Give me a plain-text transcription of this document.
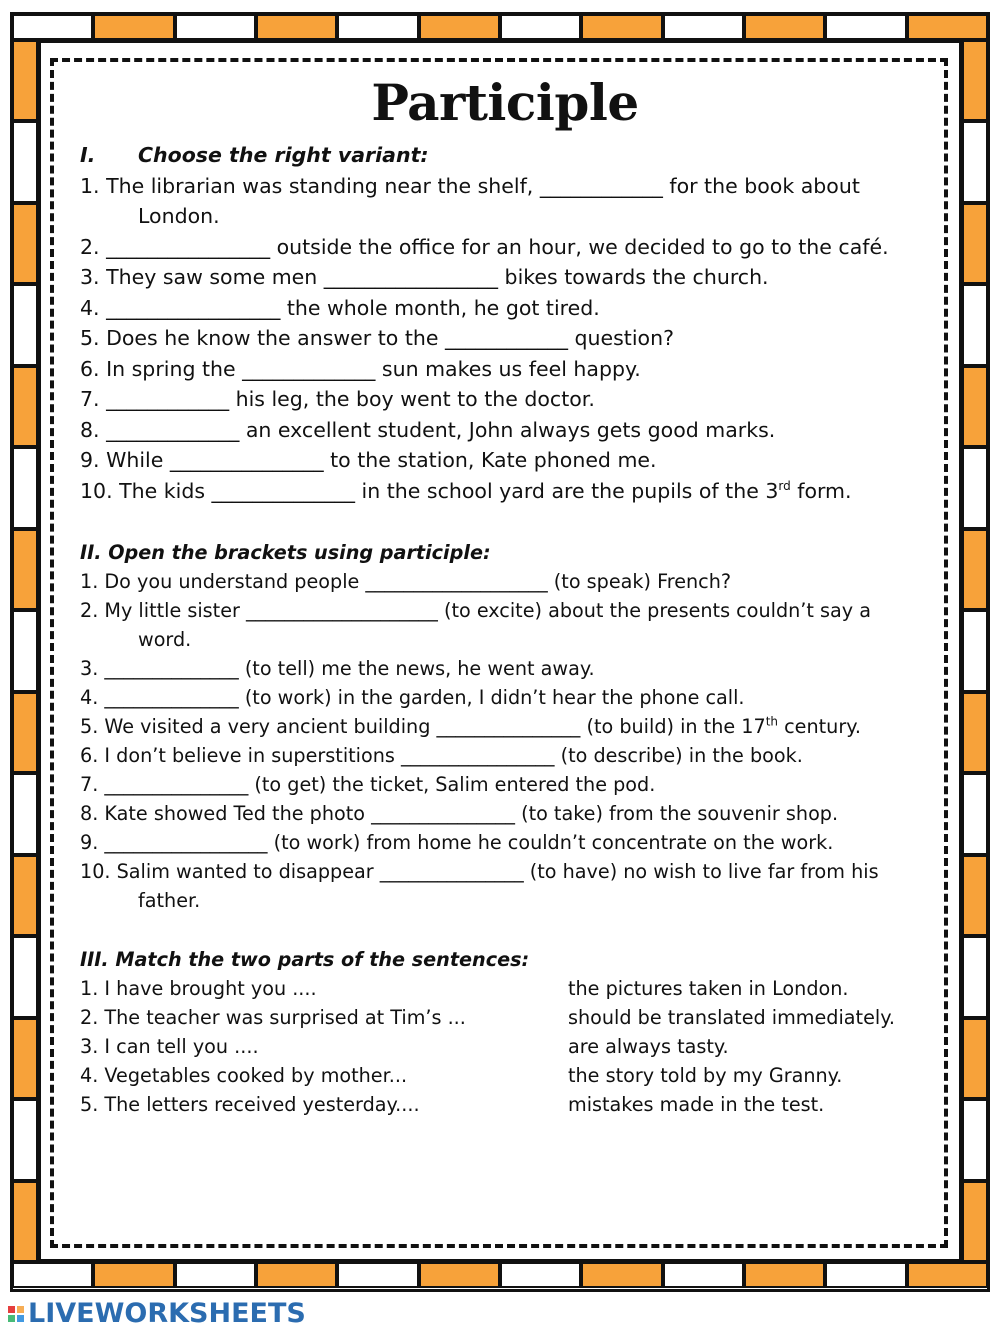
Participle

I. Choose the right variant:

1. The librarian was standing near the shelf, ____________ for the book about London.
2. ________________ outside the office for an hour, we decided to go to the café.
3. They saw some men _________________ bikes towards the church.
4. _________________ the whole month, he got tired.
5. Does he know the answer to the ____________ question?
6. In spring the _____________ sun makes us feel happy.
7. ____________ his leg, the boy went to the doctor.
8. _____________ an excellent student, John always gets good marks.
9. While _______________ to the station, Kate phoned me.
10. The kids ______________ in the school yard are the pupils of the 3rd form.

II. Open the brackets using participle:

1. Do you understand people ___________________ (to speak) French?
2. My little sister ____________________ (to excite) about the presents couldn’t say a word.
3. ______________ (to tell) me the news, he went away.
4. ______________ (to work) in the garden, I didn’t hear the phone call.
5. We visited a very ancient building _______________ (to build) in the 17th century.
6. I don’t believe in superstitions ________________ (to describe) in the book.
7. _______________ (to get) the ticket, Salim entered the pod.
8. Kate showed Ted the photo _______________ (to take) from the souvenir shop.
9. _________________ (to work) from home he couldn’t concentrate on the work.
10. Salim wanted to disappear _______________ (to have) no wish to live far from his father.

III. Match the two parts of the sentences:

1. I have brought you ....	the pictures taken in London.
2. The teacher was surprised at Tim’s ...	should be translated immediately.
3. I can tell you ....	are always tasty.
4. Vegetables cooked by mother...	the story told by my Granny.
5. The letters received yesterday....	mistakes made in the test.
LIVEWORKSHEETS
